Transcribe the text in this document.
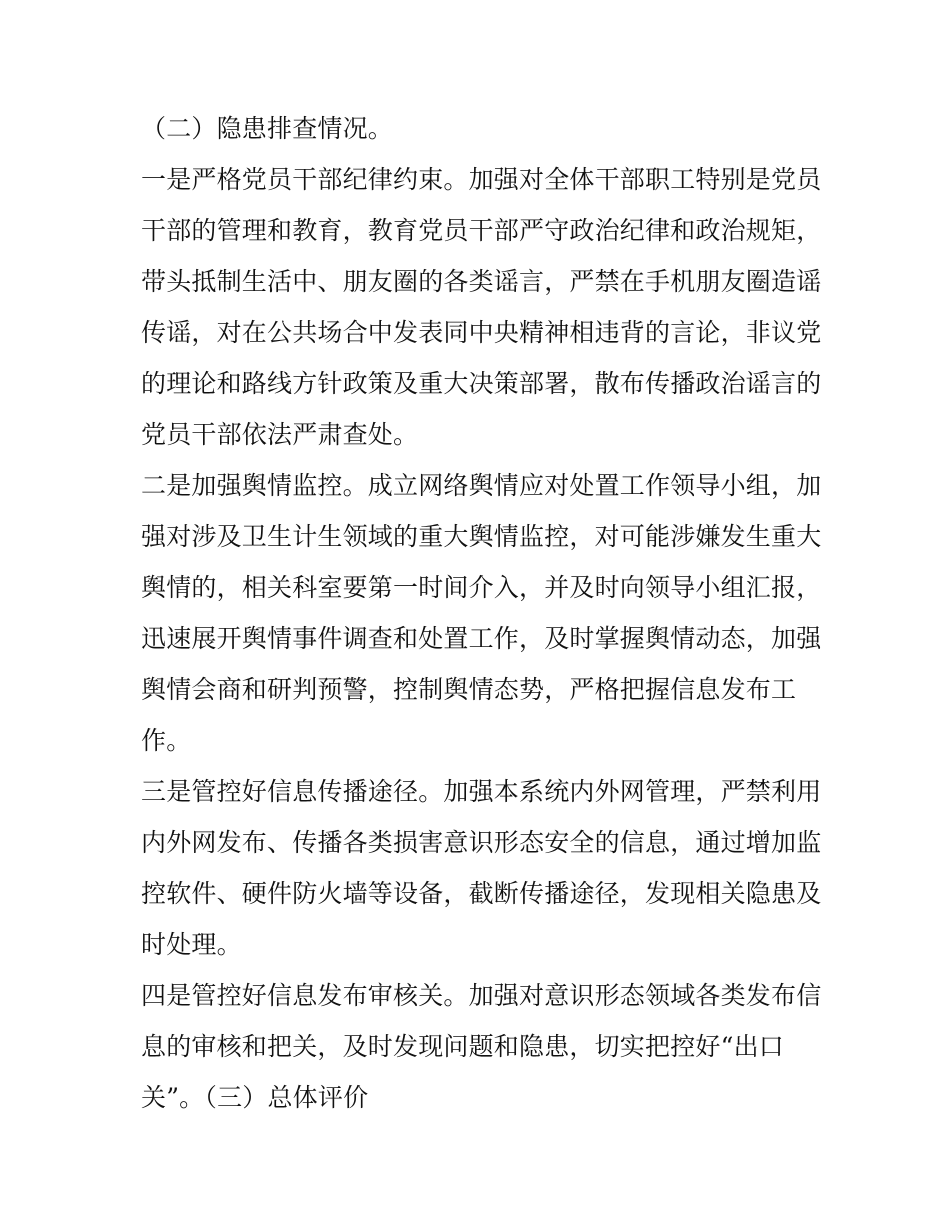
（二）隐患排查情况。
一是严格党员干部纪律约束。加强对全体干部职工特别是党员
干部的管理和教育，教育党员干部严守政治纪律和政治规矩，
带头抵制生活中、朋友圈的各类谣言，严禁在手机朋友圈造谣
传谣，对在公共场合中发表同中央精神相违背的言论，非议党
的理论和路线方针政策及重大决策部署，散布传播政治谣言的
党员干部依法严肃查处。
二是加强舆情监控。成立网络舆情应对处置工作领导小组，加
强对涉及卫生计生领域的重大舆情监控，对可能涉嫌发生重大
舆情的，相关科室要第一时间介入，并及时向领导小组汇报，
迅速展开舆情事件调查和处置工作，及时掌握舆情动态，加强
舆情会商和研判预警，控制舆情态势，严格把握信息发布工
作。
三是管控好信息传播途径。加强本系统内外网管理，严禁利用
内外网发布、传播各类损害意识形态安全的信息，通过增加监
控软件、硬件防火墙等设备，截断传播途径，发现相关隐患及
时处理。
四是管控好信息发布审核关。加强对意识形态领域各类发布信
息的审核和把关，及时发现问题和隐患，切实把控好“出口
关”。（三）总体评价
